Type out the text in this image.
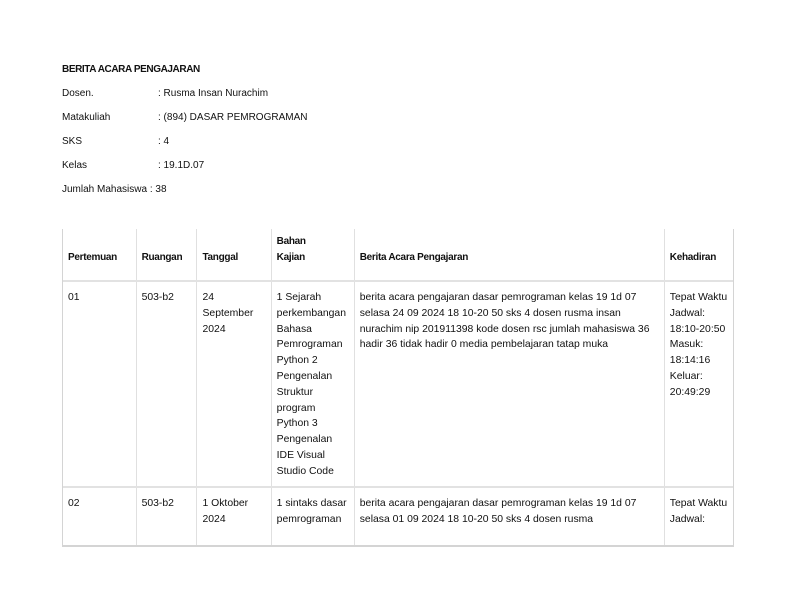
BERITA ACARA PENGAJARAN
Dosen.	: Rusma Insan Nurachim
Matakuliah	: (894) DASAR PEMROGRAMAN
SKS	: 4
Kelas	: 19.1D.07
Jumlah Mahasiswa : 38
Pertemuan	Ruangan	Tanggal	Bahan Kajian	Berita Acara Pengajaran	Kehadiran
01	503-b2	24 September 2024	1 Sejarah perkembangan Bahasa Pemrograman Python 2 Pengenalan Struktur program Python 3 Pengenalan IDE Visual Studio Code	berita acara pengajaran dasar pemrograman kelas 19 1d 07 selasa 24 09 2024 18 10-20 50 sks 4 dosen rusma insan nurachim nip 201911398 kode dosen rsc jumlah mahasiswa 36 hadir 36 tidak hadir 0 media pembelajaran tatap muka	Tepat Waktu Jadwal: 18:10-20:50 Masuk: 18:14:16 Keluar: 20:49:29
02	503-b2	1 Oktober 2024	1 sintaks dasar pemrograman	berita acara pengajaran dasar pemrograman kelas 19 1d 07 selasa 01 09 2024 18 10-20 50 sks 4 dosen rusma	Tepat Waktu Jadwal:
